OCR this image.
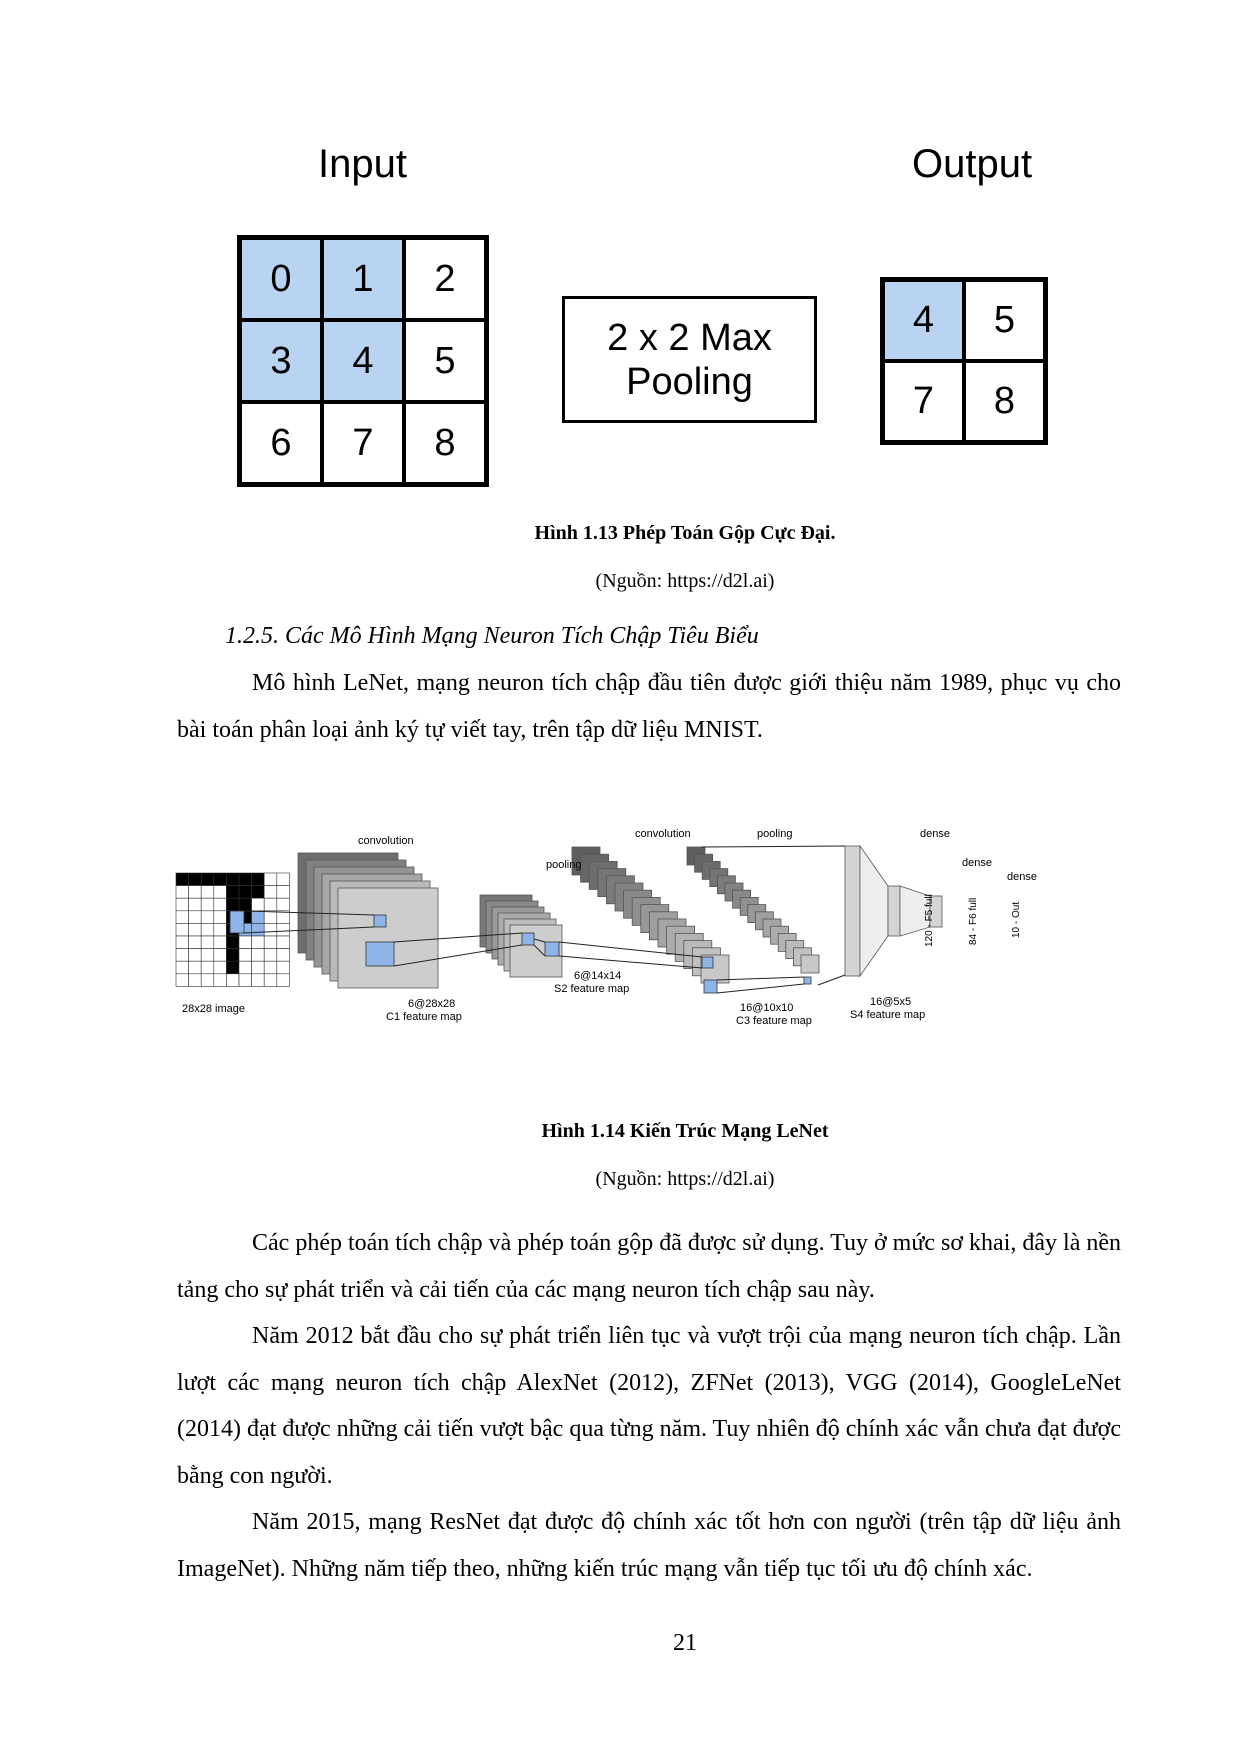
Input	Output
0	1	2
3	4	5
6	7	8
2 x 2 Max
Pooling
4	5
7	8
Hình 1.13 Phép Toán Gộp Cực Đại.
(Nguồn: https://d2l.ai)
1.2.5. Các Mô Hình Mạng Neuron Tích Chập Tiêu Biểu

Mô hình LeNet, mạng neuron tích chập đầu tiên được giới thiệu năm 1989, phục vụ cho bài toán phân loại ảnh ký tự viết tay, trên tập dữ liệu MNIST.

convolution
pooling
convolution	pooling	dense
dense
dense
28x28 image	6@28x28
C1 feature map
6@14x14
S2 feature map
16@10x10
C3 feature map
16@5x5
S4 feature map
120 - F5 full	84 - F6 full	10 - Out
Hình 1.14 Kiến Trúc Mạng LeNet
(Nguồn: https://d2l.ai)

Các phép toán tích chập và phép toán gộp đã được sử dụng. Tuy ở mức sơ khai, đây là nền tảng cho sự phát triển và cải tiến của các mạng neuron tích chập sau này.

Năm 2012 bắt đầu cho sự phát triển liên tục và vượt trội của mạng neuron tích chập. Lần lượt các mạng neuron tích chập AlexNet (2012), ZFNet (2013), VGG (2014), GoogleLeNet (2014) đạt được những cải tiến vượt bậc qua từng năm. Tuy nhiên độ chính xác vẫn chưa đạt được bằng con người.

Năm 2015, mạng ResNet đạt được độ chính xác tốt hơn con người (trên tập dữ liệu ảnh ImageNet). Những năm tiếp theo, những kiến trúc mạng vẫn tiếp tục tối ưu độ chính xác.

21
